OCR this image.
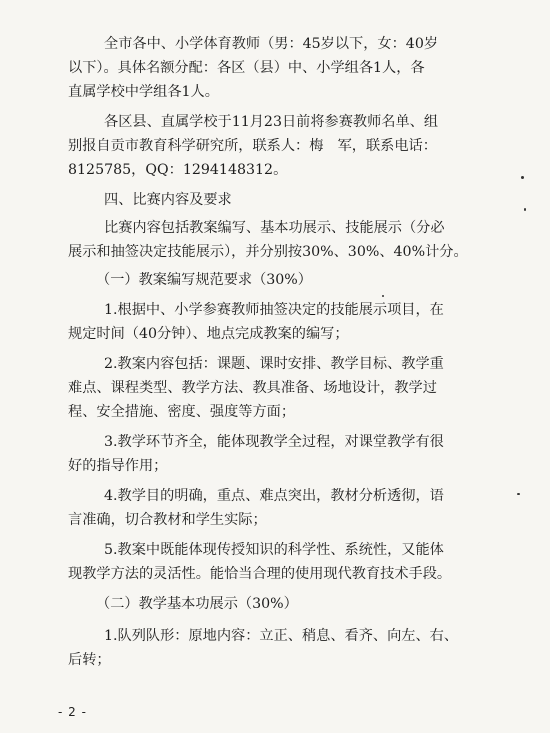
全市各中、小学体育教师（男：45岁以下，女：40岁
以下）。具体名额分配：各区（县）中、小学组各1人，各
直属学校中学组各1人。

各区县、直属学校于11月23日前将参赛教师名单、组
别报自贡市教育科学研究所，联系人：梅　军，联系电话：
8125785，QQ：1294148312。

四、比赛内容及要求

比赛内容包括教案编写、基本功展示、技能展示（分必
展示和抽签决定技能展示），并分别按30%、30%、40%计分。

（一）教案编写规范要求（30%）

1.根据中、小学参赛教师抽签决定的技能展示项目，在
规定时间（40分钟）、地点完成教案的编写；

2.教案内容包括：课题、课时安排、教学目标、教学重
难点、课程类型、教学方法、教具准备、场地设计，教学过
程、安全措施、密度、强度等方面；

3.教学环节齐全，能体现教学全过程，对课堂教学有很
好的指导作用；

4.教学目的明确，重点、难点突出，教材分析透彻，语
言准确，切合教材和学生实际；

5.教案中既能体现传授知识的科学性、系统性，又能体
现教学方法的灵活性。能恰当合理的使用现代教育技术手段。

（二）教学基本功展示（30%）

1.队列队形：原地内容：立正、稍息、看齐、向左、右、
后转；

- 2 -
